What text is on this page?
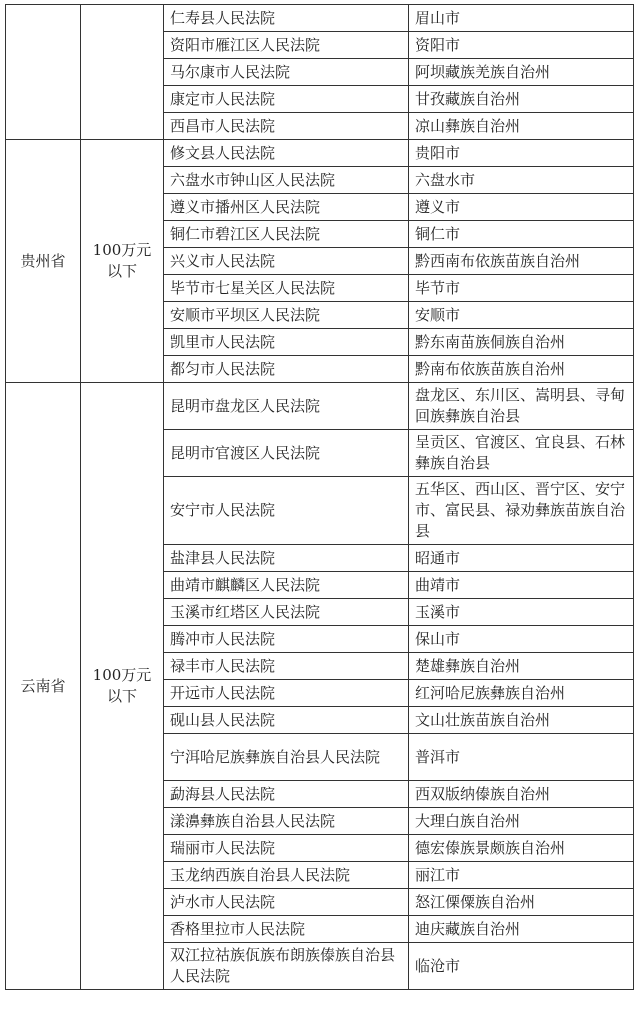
		仁寿县人民法院	眉山市
		资阳市雁江区人民法院	资阳市
		马尔康市人民法院	阿坝藏族羌族自治州
		康定市人民法院	甘孜藏族自治州
		西昌市人民法院	凉山彝族自治州
贵州省	100万元以下	修文县人民法院	贵阳市
		六盘水市钟山区人民法院	六盘水市
		遵义市播州区人民法院	遵义市
		铜仁市碧江区人民法院	铜仁市
		兴义市人民法院	黔西南布依族苗族自治州
		毕节市七星关区人民法院	毕节市
		安顺市平坝区人民法院	安顺市
		凯里市人民法院	黔东南苗族侗族自治州
		都匀市人民法院	黔南布依族苗族自治州
云南省	100万元以下	昆明市盘龙区人民法院	盘龙区、东川区、嵩明县、寻甸回族彝族自治县
		昆明市官渡区人民法院	呈贡区、官渡区、宜良县、石林彝族自治县
		安宁市人民法院	五华区、西山区、晋宁区、安宁市、富民县、禄劝彝族苗族自治县
		盐津县人民法院	昭通市
		曲靖市麒麟区人民法院	曲靖市
		玉溪市红塔区人民法院	玉溪市
		腾冲市人民法院	保山市
		禄丰市人民法院	楚雄彝族自治州
		开远市人民法院	红河哈尼族彝族自治州
		砚山县人民法院	文山壮族苗族自治州
		宁洱哈尼族彝族自治县人民法院	普洱市
		勐海县人民法院	西双版纳傣族自治州
		漾濞彝族自治县人民法院	大理白族自治州
		瑞丽市人民法院	德宏傣族景颇族自治州
		玉龙纳西族自治县人民法院	丽江市
		泸水市人民法院	怒江傈僳族自治州
		香格里拉市人民法院	迪庆藏族自治州
		双江拉祜族佤族布朗族傣族自治县人民法院	临沧市
